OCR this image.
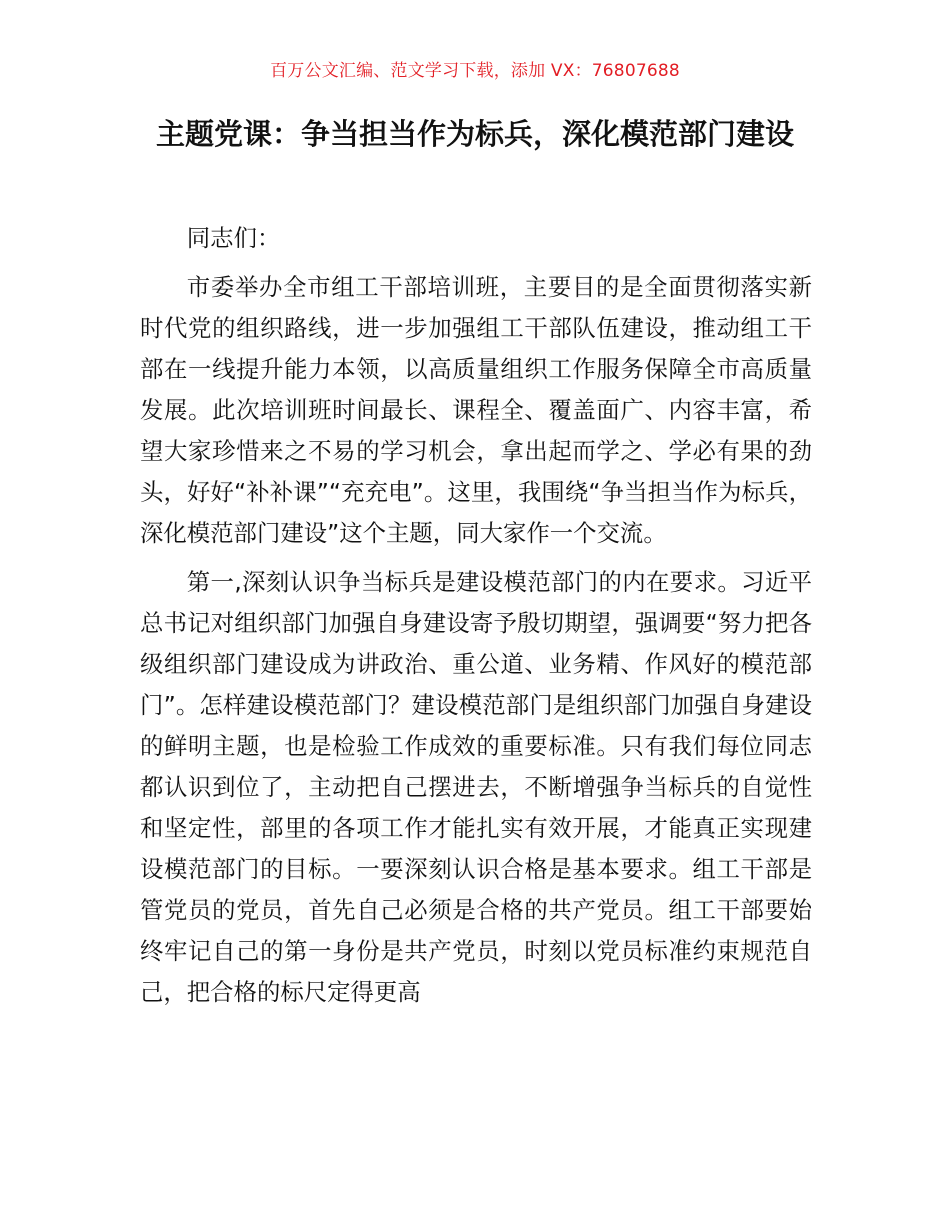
百万公文汇编、范文学习下载，添加 VX：76807688
主题党课：争当担当作为标兵，深化模范部门建设

同志们：

市委举办全市组工干部培训班，主要目的是全面贯彻落实新时代党的组织路线，进一步加强组工干部队伍建设，推动组工干部在一线提升能力本领，以高质量组织工作服务保障全市高质量发展。此次培训班时间最长、课程全、覆盖面广、内容丰富，希望大家珍惜来之不易的学习机会，拿出起而学之、学必有果的劲头，好好“补补课”“充充电”。这里，我围绕“争当担当作为标兵，深化模范部门建设”这个主题，同大家作一个交流。

第一,深刻认识争当标兵是建设模范部门的内在要求。习近平总书记对组织部门加强自身建设寄予殷切期望，强调要“努力把各级组织部门建设成为讲政治、重公道、业务精、作风好的模范部门”。怎样建设模范部门？建设模范部门是组织部门加强自身建设的鲜明主题，也是检验工作成效的重要标准。只有我们每位同志都认识到位了，主动把自己摆进去，不断增强争当标兵的自觉性和坚定性，部里的各项工作才能扎实有效开展，才能真正实现建设模范部门的目标。一要深刻认识合格是基本要求。组工干部是管党员的党员，首先自己必须是合格的共产党员。组工干部要始终牢记自己的第一身份是共产党员，时刻以党员标准约束规范自己，把合格的标尺定得更高
